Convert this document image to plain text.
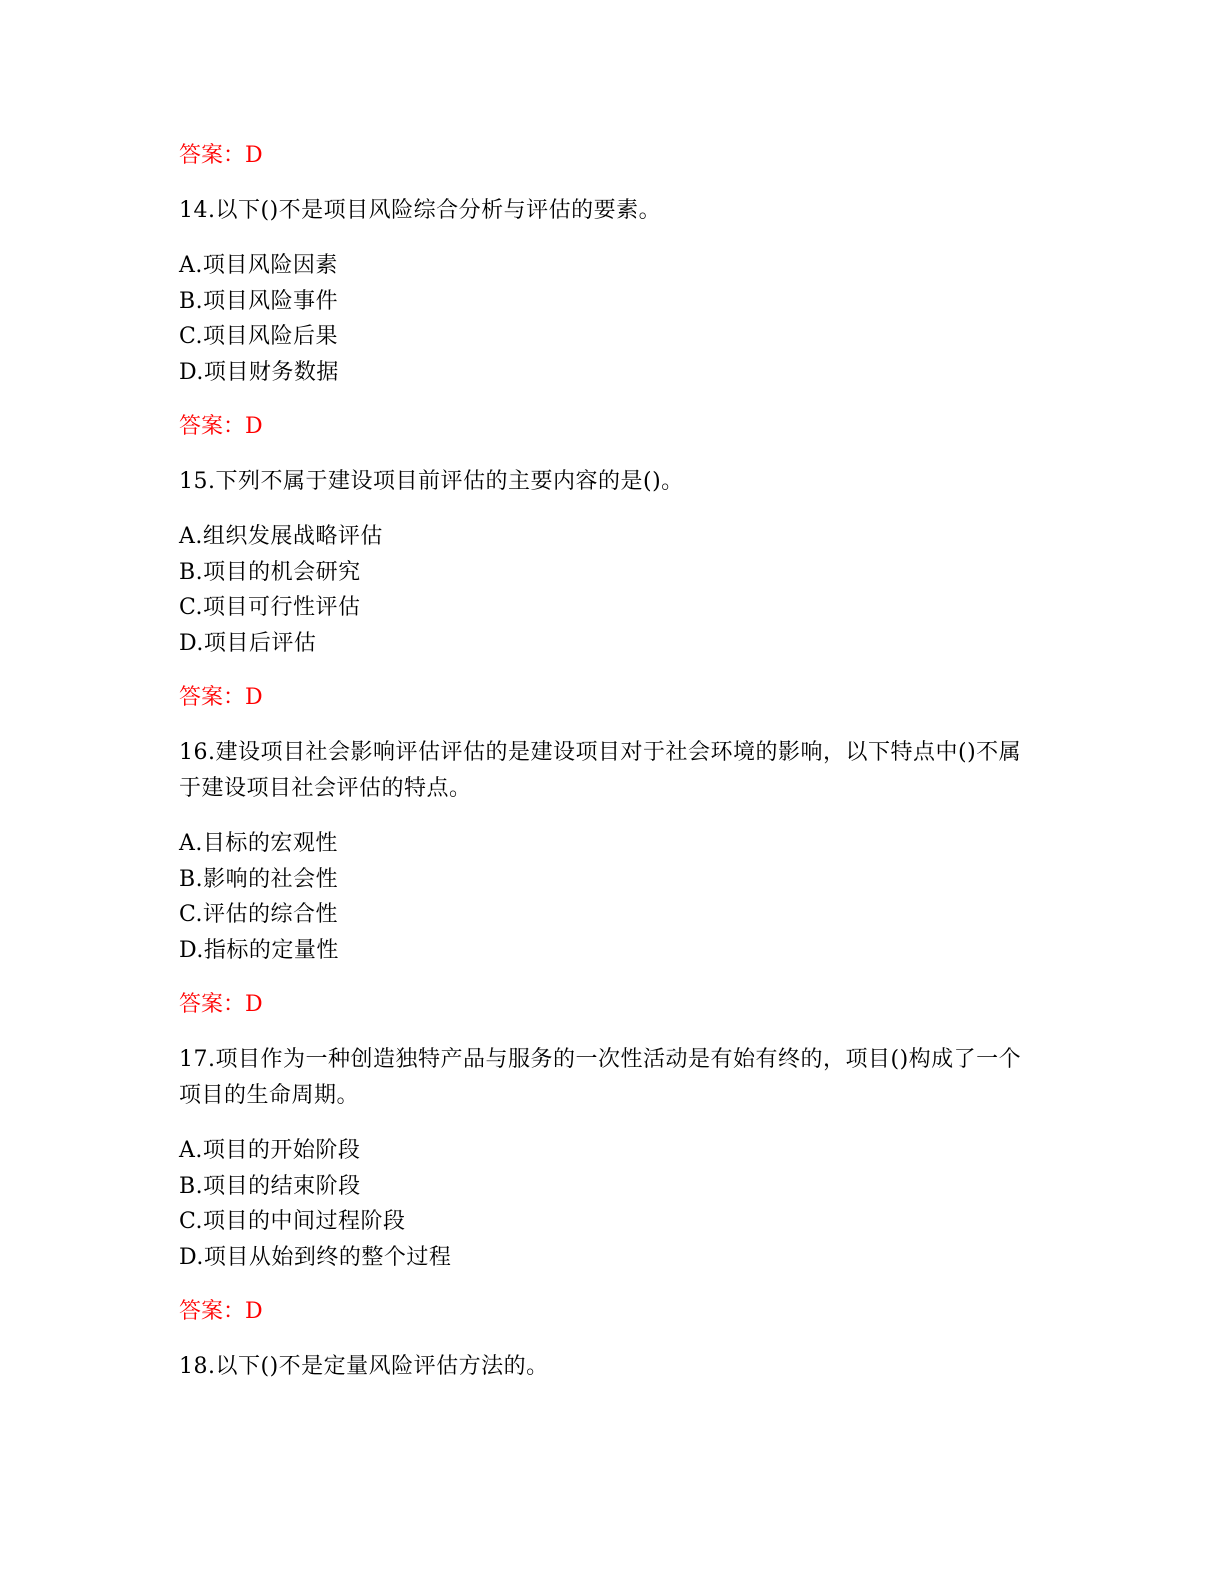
答案：D

14.以下()不是项目风险综合分析与评估的要素。

A.项目风险因素
B.项目风险事件
C.项目风险后果
D.项目财务数据

答案：D

15.下列不属于建设项目前评估的主要内容的是()。

A.组织发展战略评估
B.项目的机会研究
C.项目可行性评估
D.项目后评估

答案：D

16.建设项目社会影响评估评估的是建设项目对于社会环境的影响，以下特点中()不属于建设项目社会评估的特点。

A.目标的宏观性
B.影响的社会性
C.评估的综合性
D.指标的定量性

答案：D

17.项目作为一种创造独特产品与服务的一次性活动是有始有终的，项目()构成了一个项目的生命周期。

A.项目的开始阶段
B.项目的结束阶段
C.项目的中间过程阶段
D.项目从始到终的整个过程

答案：D

18.以下()不是定量风险评估方法的。
